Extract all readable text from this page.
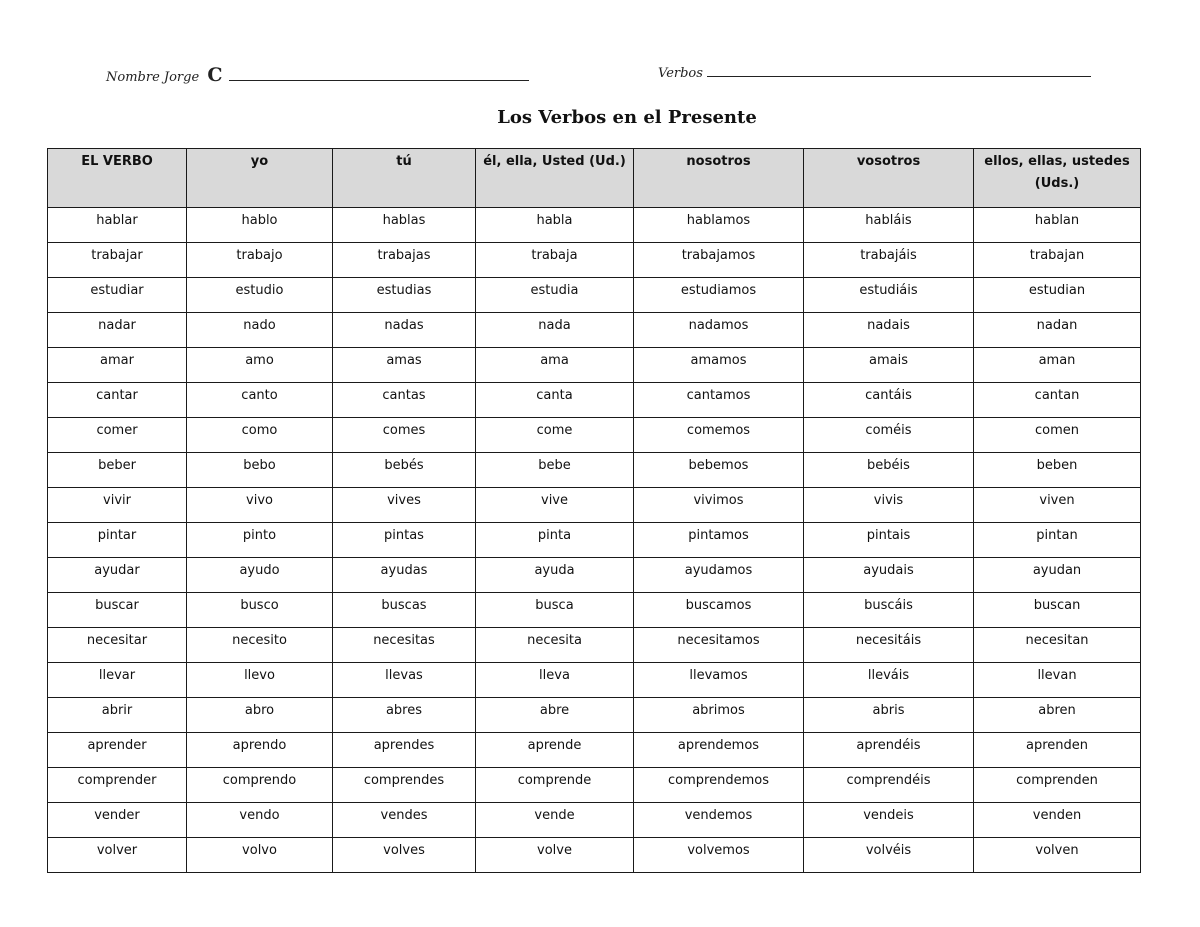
Nombre Jorge C	Verbos
Los Verbos en el Presente
EL VERBO	yo	tú	él, ella, Usted (Ud.)	nosotros	vosotros	ellos, ellas, ustedes (Uds.)
hablar	hablo	hablas	habla	hablamos	habláis	hablan
trabajar	trabajo	trabajas	trabaja	trabajamos	trabajáis	trabajan
estudiar	estudio	estudias	estudia	estudiamos	estudiáis	estudian
nadar	nado	nadas	nada	nadamos	nadais	nadan
amar	amo	amas	ama	amamos	amais	aman
cantar	canto	cantas	canta	cantamos	cantáis	cantan
comer	como	comes	come	comemos	coméis	comen
beber	bebo	bebés	bebe	bebemos	bebéis	beben
vivir	vivo	vives	vive	vivimos	vivis	viven
pintar	pinto	pintas	pinta	pintamos	pintais	pintan
ayudar	ayudo	ayudas	ayuda	ayudamos	ayudais	ayudan
buscar	busco	buscas	busca	buscamos	buscáis	buscan
necesitar	necesito	necesitas	necesita	necesitamos	necesitáis	necesitan
llevar	llevo	llevas	lleva	llevamos	lleváis	llevan
abrir	abro	abres	abre	abrimos	abris	abren
aprender	aprendo	aprendes	aprende	aprendemos	aprendéis	aprenden
comprender	comprendo	comprendes	comprende	comprendemos	comprendéis	comprenden
vender	vendo	vendes	vende	vendemos	vendeis	venden
volver	volvo	volves	volve	volvemos	volvéis	volven
